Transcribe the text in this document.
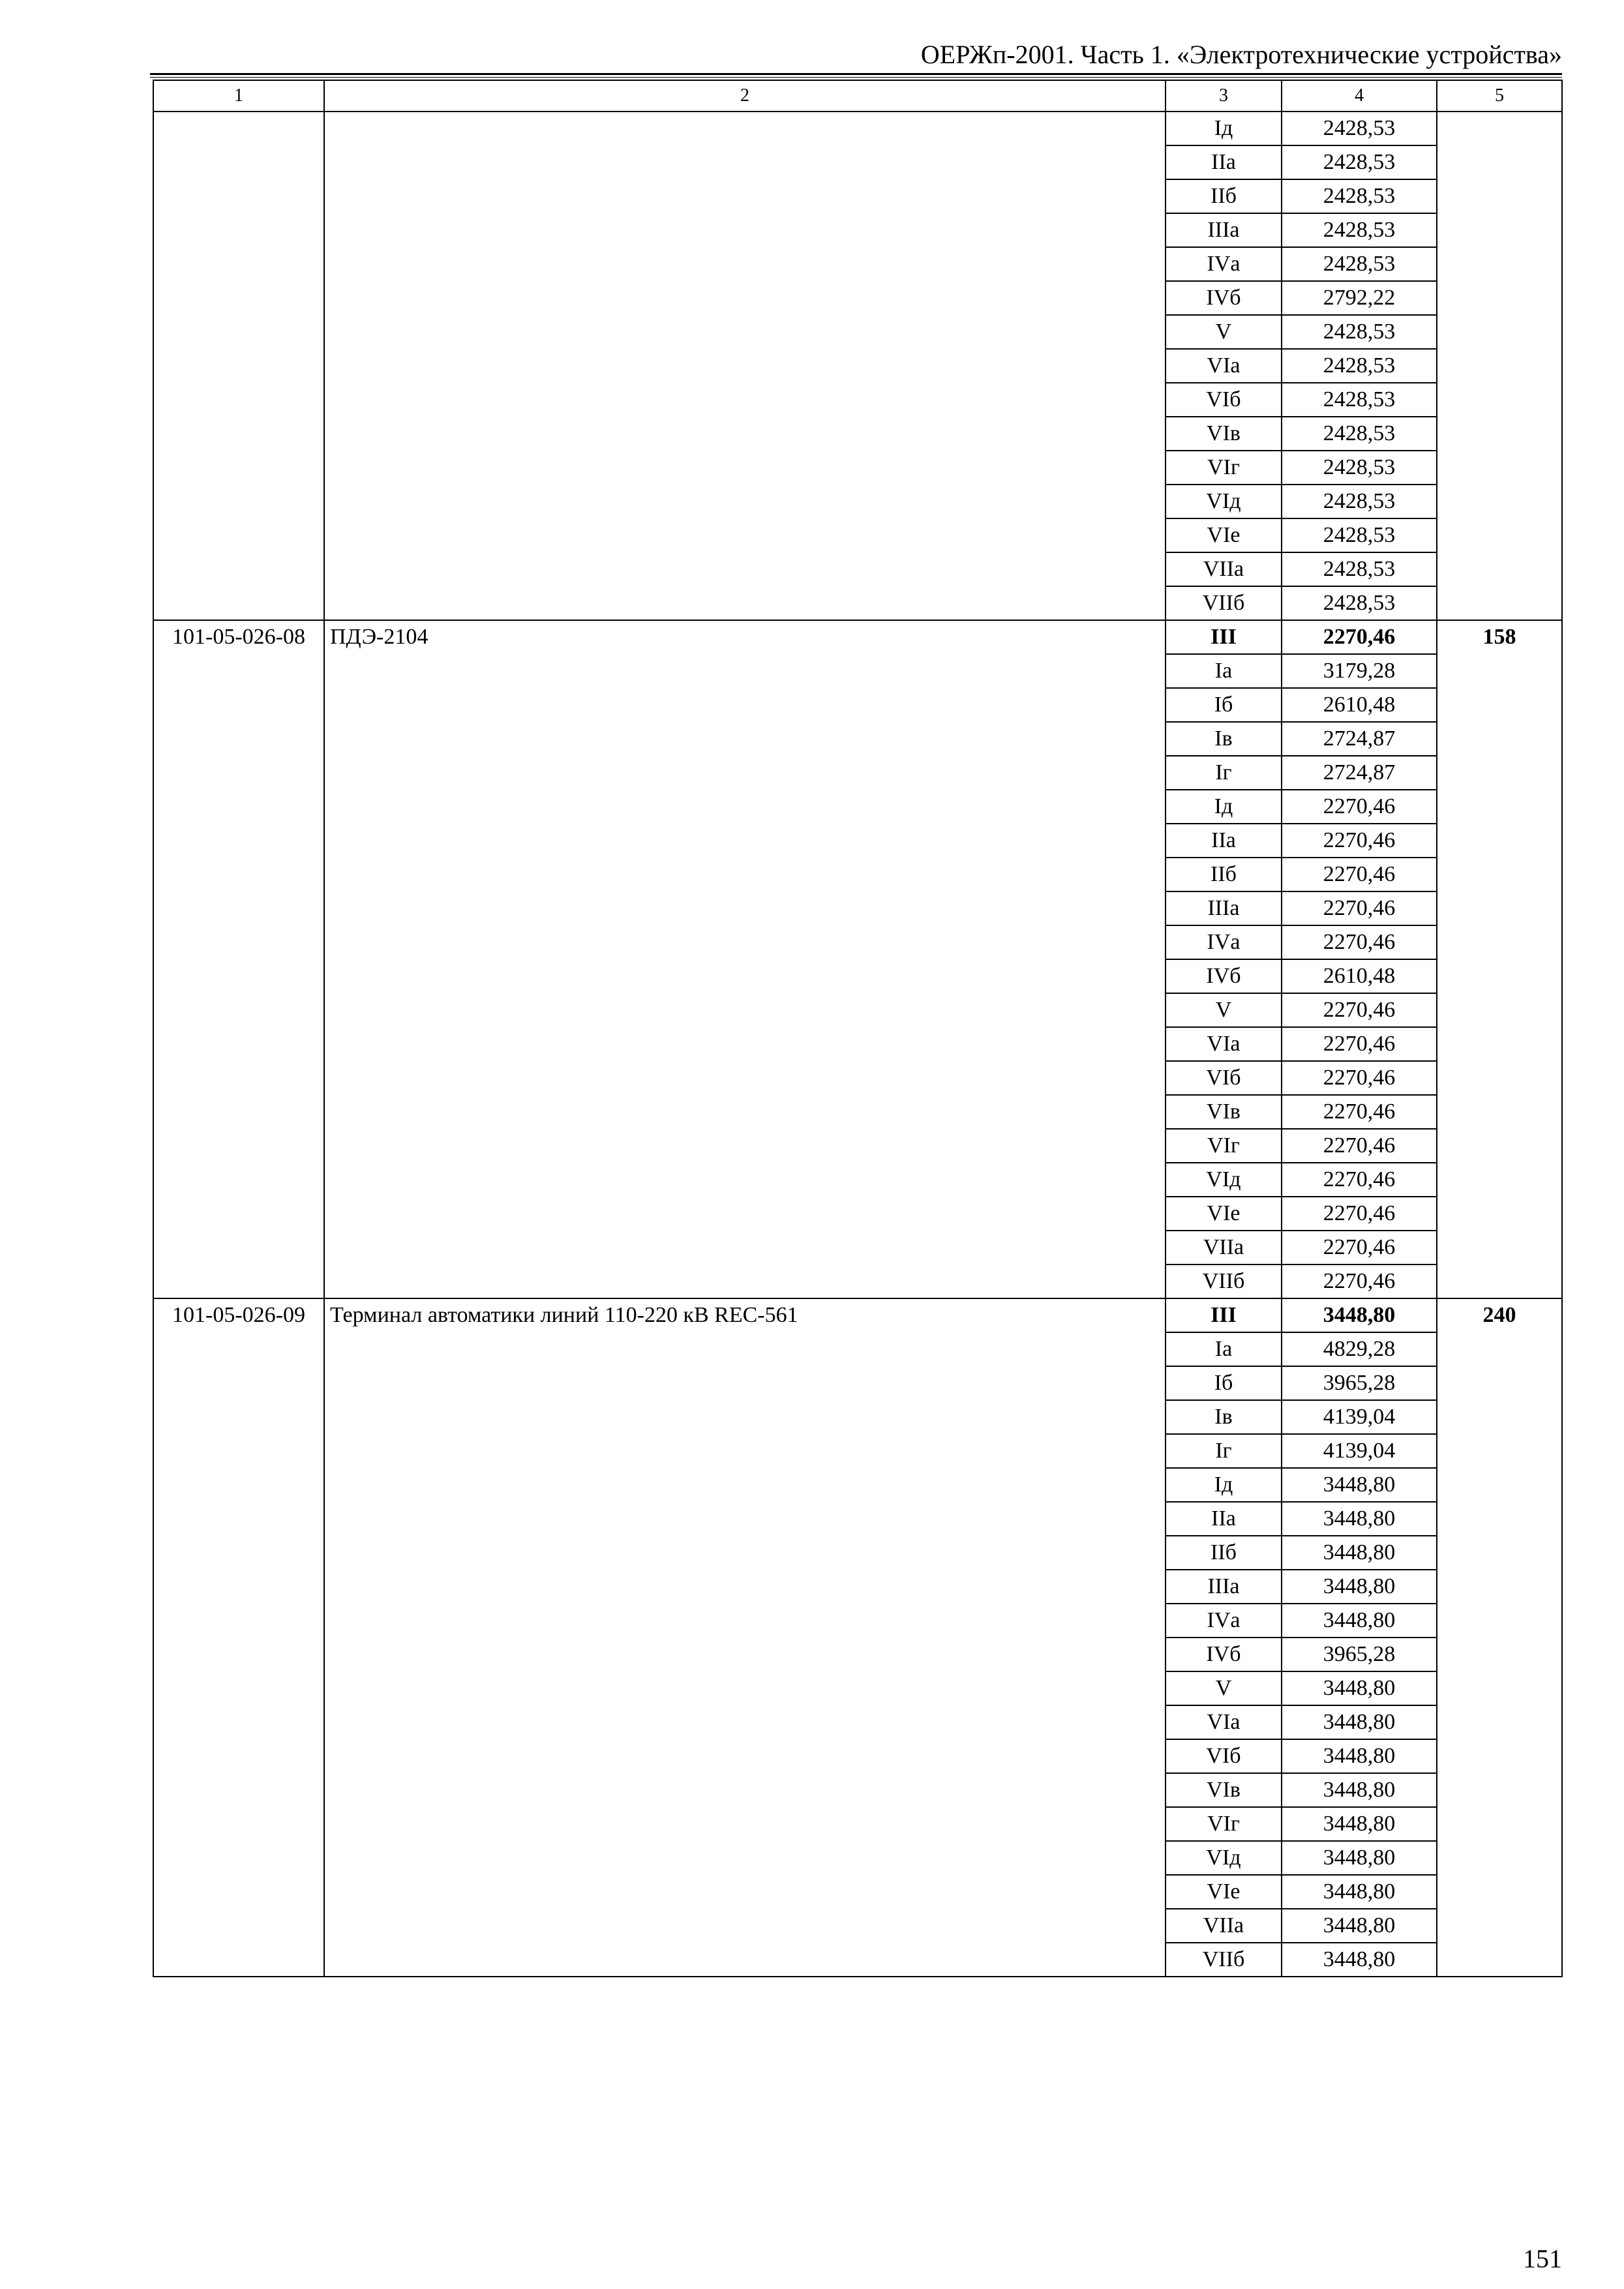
ОЕРЖп-2001. Часть 1. «Электротехнические устройства»
1	2	3	4	5
		Iд	2428,53	
		IIа	2428,53	
		IIб	2428,53	
		IIIа	2428,53	
		IVа	2428,53	
		IVб	2792,22	
		V	2428,53	
		VIа	2428,53	
		VIб	2428,53	
		VIв	2428,53	
		VIг	2428,53	
		VIд	2428,53	
		VIе	2428,53	
		VIIа	2428,53	
		VIIб	2428,53	
101-05-026-08	ПДЭ-2104	III	2270,46	158
		Iа	3179,28	
		Iб	2610,48	
		Iв	2724,87	
		Iг	2724,87	
		Iд	2270,46	
		IIа	2270,46	
		IIб	2270,46	
		IIIа	2270,46	
		IVа	2270,46	
		IVб	2610,48	
		V	2270,46	
		VIа	2270,46	
		VIб	2270,46	
		VIв	2270,46	
		VIг	2270,46	
		VIд	2270,46	
		VIе	2270,46	
		VIIа	2270,46	
		VIIб	2270,46	
101-05-026-09	Терминал автоматики линий 110-220 кВ REC-561	III	3448,80	240
		Iа	4829,28	
		Iб	3965,28	
		Iв	4139,04	
		Iг	4139,04	
		Iд	3448,80	
		IIа	3448,80	
		IIб	3448,80	
		IIIа	3448,80	
		IVа	3448,80	
		IVб	3965,28	
		V	3448,80	
		VIа	3448,80	
		VIб	3448,80	
		VIв	3448,80	
		VIг	3448,80	
		VIд	3448,80	
		VIе	3448,80	
		VIIа	3448,80	
		VIIб	3448,80	
151
